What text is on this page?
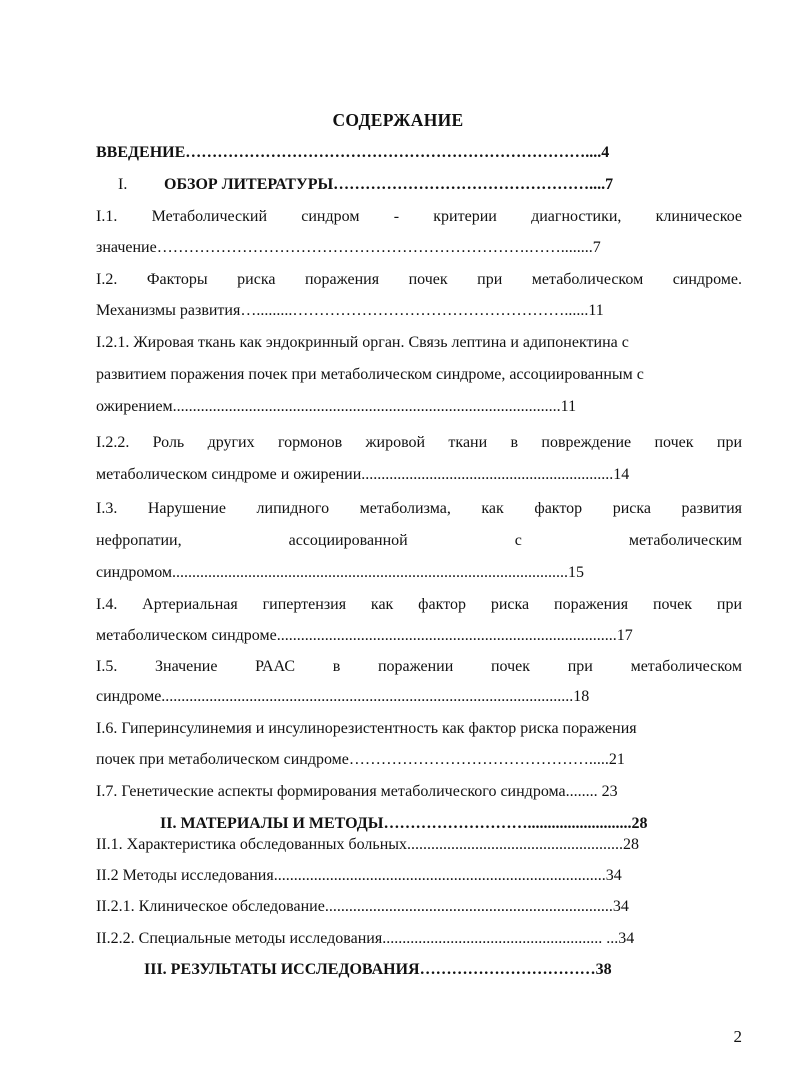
СОДЕРЖАНИЕ
ВВЕДЕНИЕ…………………………………………………………………....4
I.	ОБЗОР ЛИТЕРАТУРЫ…………………………………………....7
I.1. Метаболический синдром - критерии диагностики, клиническое
значение…………………………………………………………….……........7
I.2. Факторы риска поражения почек при метаболическом синдроме.
Механизмы развития….........……………………………………………......11
I.2.1. Жировая ткань как эндокринный орган. Связь лептина и адипонектина с
развитием поражения почек при метаболическом синдроме, ассоциированным с
ожирением.................................................................................................11
I.2.2. Роль других гормонов жировой ткани в повреждение почек при
метаболическом синдроме и ожирении...............................................................14
I.3. Нарушение липидного метаболизма, как фактор риска развития
нефропатии, ассоциированной с метаболическим
синдромом...................................................................................................15
I.4. Артериальная гипертензия как фактор риска поражения почек при
метаболическом синдроме.....................................................................................17
I.5. Значение РААС в поражении почек при метаболическом
синдроме.......................................................................................................18
I.6. Гиперинсулинемия и инсулинорезистентность как фактор риска поражения
почек при метаболическом синдроме……………………………………….....21
I.7. Генетические аспекты формирования метаболического синдрома........ 23
II. МАТЕРИАЛЫ И МЕТОДЫ………………………..........................28
II.1. Характеристика обследованных больных......................................................28
II.2 Методы исследования...................................................................................34
II.2.1. Клиническое обследование........................................................................34
II.2.2. Специальные методы исследования....................................................... ...34
III. РЕЗУЛЬТАТЫ ИССЛЕДОВАНИЯ……………………………38
2
